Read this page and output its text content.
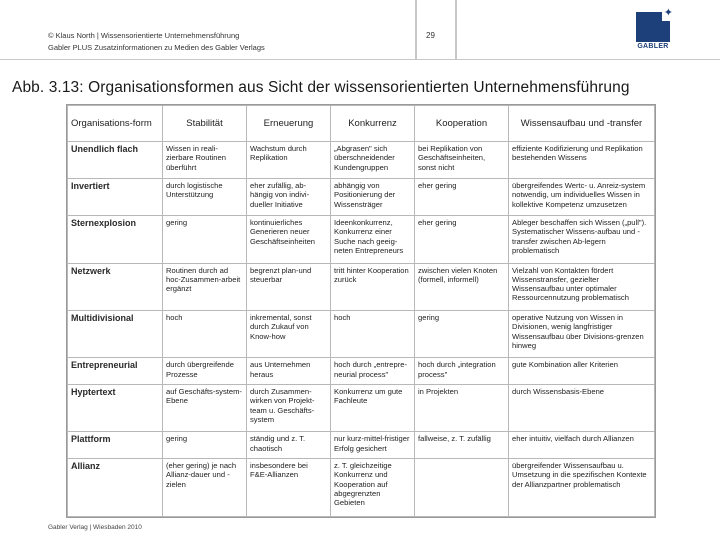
© Klaus North | Wissensorientierte Unternehmensführung
Gabler PLUS Zusatzinformationen zu Medien des Gabler Verlags
29
✦
GABLER
Abb. 3.13: Organisationsformen aus Sicht der wissensorientierten Unternehmensführung
Organisations-form	Stabilität	Erneuerung	Konkurrenz	Kooperation	Wissensaufbau und -transfer
Unendlich flach	Wissen in reali-zierbare Routinen überführt	Wachstum durch Replikation	„Abgrasen" sich überschneidender Kundengruppen	bei Replikation von Geschäftseinheiten, sonst nicht	effiziente Kodifizierung und Replikation bestehenden Wissens
Invertiert	durch logistische Unterstützung	eher zufällig, ab-hängig von indivi-dueller Initiative	abhängig von Positionierung der Wissensträger	eher gering	übergreifendes Wertc- u. Anreiz-system notwendig, um individuelles Wissen in kollektive Kompetenz umzusetzen
Sternexplosion	gering	kontinuierliches Generieren neuer Geschäftseinheiten	Ideenkonkurrenz, Konkurrenz einer Suche nach geeig-neten Entrepreneurs	eher gering	Ableger beschaffen sich Wissen („pull"). Systematischer Wissens-aufbau und -transfer zwischen Ab-legern problematisch
Netzwerk	Routinen durch ad hoc-Zusammen-arbeit ergänzt	begrenzt plan-und steuerbar	tritt hinter Kooperation zurück	zwischen vielen Knoten (formell, informell)	Vielzahl von Kontakten fördert Wissenstransfer, gezielter Wissensaufbau unter optimaler Ressourcennutzung problematisch
Multidivisional	hoch	inkremental, sonst durch Zukauf von Know-how	hoch	gering	operative Nutzung von Wissen in Divisionen, wenig langfristiger Wissensaufbau über Divisions-grenzen hinweg
Entrepreneurial	durch übergreifende Prozesse	aus Unternehmen heraus	hoch durch „entrepre-neurial process"	hoch durch „integration process"	gute Kombination aller Kriterien
Hyptertext	auf Geschäfts-system-Ebene	durch Zusammen-wirken von Projekt-team u. Geschäfts-system	Konkurrenz um gute Fachleute	in Projekten	durch Wissensbasis-Ebene
Plattform	gering	ständig und z. T. chaotisch	nur kurz-mittel-fristiger Erfolg gesichert	fallweise, z. T. zufällig	eher intuitiv, vielfach durch Allianzen
Allianz	(eher gering) je nach Allianz-dauer und -zielen	insbesondere bei F&E-Allianzen	z. T. gleichzeitige Konkurrenz und Kooperation auf abgegrenzten Gebieten		übergreifender Wissensaufbau u. Umsetzung in die spezifischen Kontexte der Allianzpartner problematisch
Gabler Verlag | Wiesbaden 2010
